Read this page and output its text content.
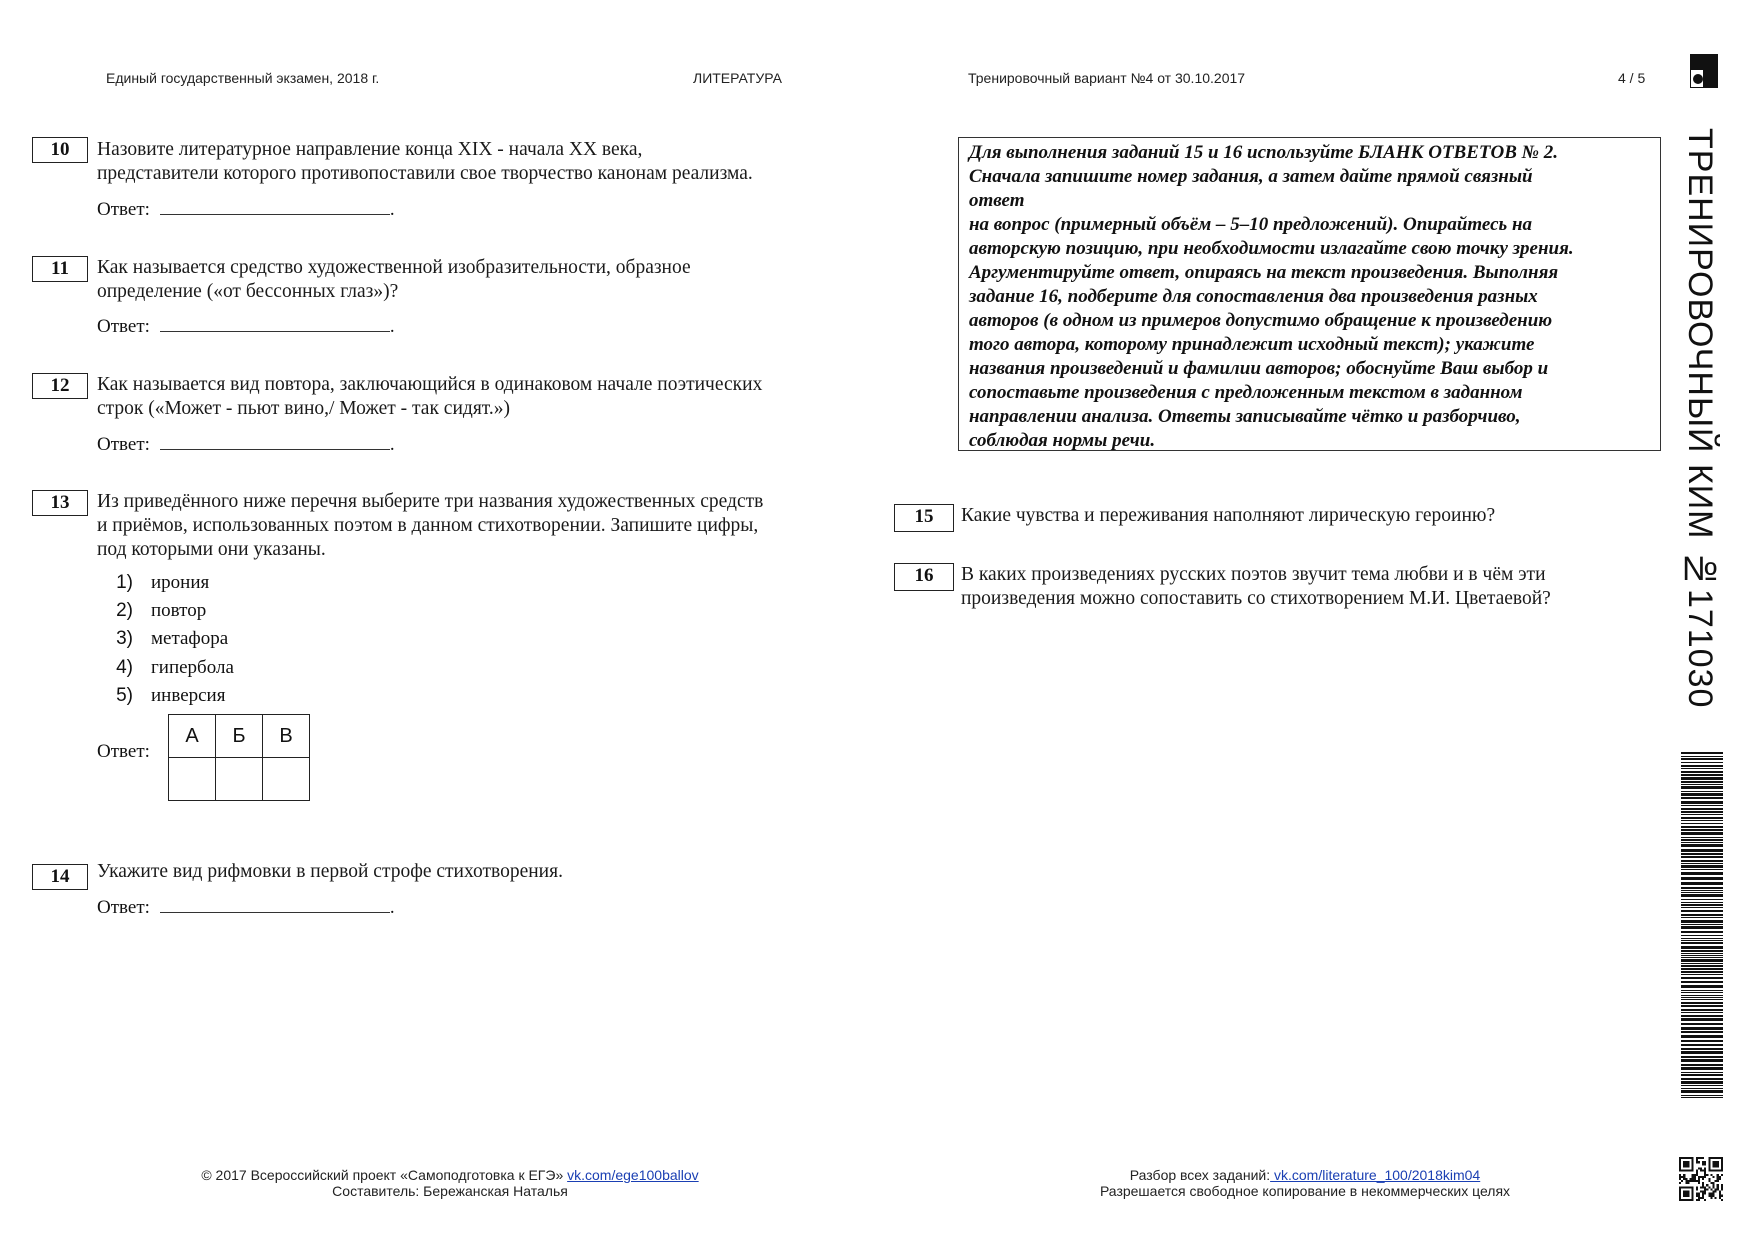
Единый государственный экзамен, 2018 г.	ЛИТЕРАТУРА	Тренировочный вариант №4 от 30.10.2017	4 / 5
10	Назовите литературное направление конца XIX - начала XX века,
представители которого противопоставили свое творчество канонам реализма.
Ответ:	.
11	Как называется средство художественной изобразительности, образное
определение («от бессонных глаз»)?
Ответ:	.
12	Как называется вид повтора, заключающийся в одинаковом начале поэтических
строк («Может - пьют вино,/ Может - так сидят.»)
Ответ:	.
13	Из приведённого ниже перечня выберите три названия художественных средств
и приёмов, использованных поэтом в данном стихотворении. Запишите цифры,
под которыми они указаны.
1) ирония
2) повтор
3) метафора
4) гипербола
5) инверсия
Ответ:
А	Б	В

14	Укажите вид рифмовки в первой строфе стихотворения.
Ответ:	.
Для выполнения заданий 15 и 16 используйте БЛАНК ОТВЕТОВ № 2.
Сначала запишите номер задания, а затем дайте прямой связный
ответ
на вопрос (примерный объём – 5–10 предложений). Опирайтесь на
авторскую позицию, при необходимости излагайте свою точку зрения.
Аргументируйте ответ, опираясь на текст произведения. Выполняя
задание 16, подберите для сопоставления два произведения разных
авторов (в одном из примеров допустимо обращение к произведению
того автора, которому принадлежит исходный текст); укажите
названия произведений и фамилии авторов; обоснуйте Ваш выбор и
сопоставьте произведения с предложенным текстом в заданном
направлении анализа. Ответы записывайте чётко и разборчиво,
соблюдая нормы речи.
15	Какие чувства и переживания наполняют лирическую героиню?
16	В каких произведениях русских поэтов звучит тема любви и в чём эти
произведения можно сопоставить со стихотворением М.И. Цветаевой?	ТРЕНИРОВОЧНЫЙ КИМ №171030
© 2017 Всероссийский проект «Самоподготовка к ЕГЭ» vk.com/ege100ballov
Составитель: Бережанская Наталья
Разбор всех заданий: vk.com/literature_100/2018kim04
Разрешается свободное копирование в некоммерческих целях
